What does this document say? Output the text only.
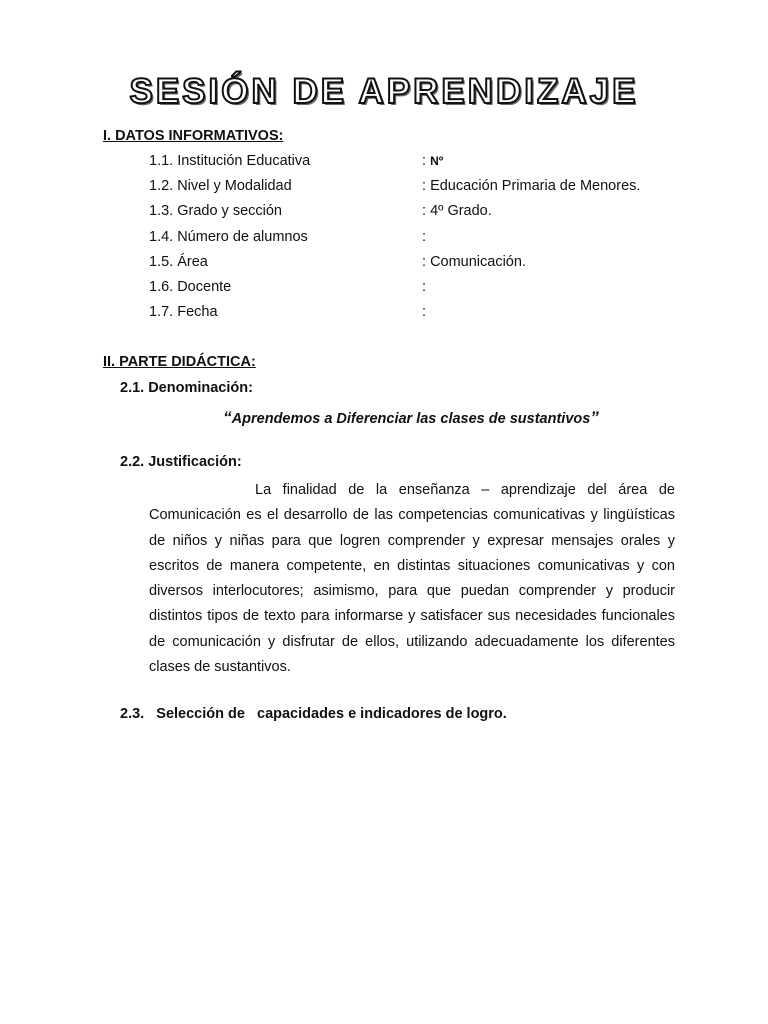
SESIÓN DE APRENDIZAJE
I. DATOS INFORMATIVOS:
1.1. Institución Educativa	: Nº
1.2. Nivel y Modalidad	: Educación Primaria de Menores.
1.3. Grado y sección	: 4º Grado.
1.4. Número de alumnos	:
1.5. Área	: Comunicación.
1.6. Docente	:
1.7. Fecha	:
II. PARTE DIDÁCTICA:
2.1. Denominación:
“Aprendemos a Diferenciar las clases de sustantivos”
2.2. Justificación:
La finalidad de la enseñanza – aprendizaje del área de Comunicación es el desarrollo de las competencias comunicativas y lingüísticas de niños y niñas para que logren comprender y expresar mensajes orales y escritos de manera competente, en distintas situaciones comunicativas y con diversos interlocutores; asimismo, para que puedan comprender y producir distintos tipos de texto para informarse y satisfacer sus necesidades funcionales de comunicación y disfrutar de ellos, utilizando adecuadamente los diferentes clases de sustantivos.
2.3.   Selección de   capacidades e indicadores de logro.
